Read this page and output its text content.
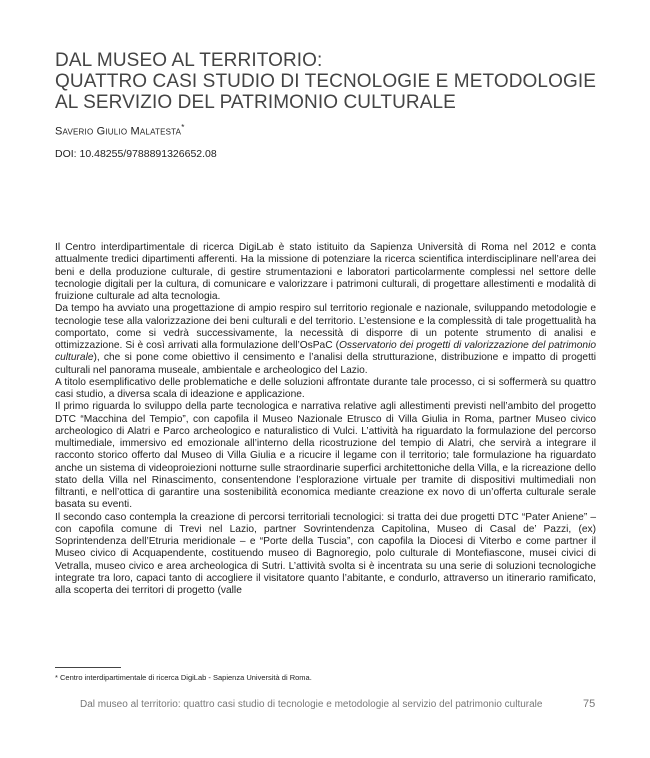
DAL MUSEO AL TERRITORIO:
QUATTRO CASI STUDIO DI TECNOLOGIE E METODOLOGIE
AL SERVIZIO DEL PATRIMONIO CULTURALE
Saverio Giulio Malatesta*
DOI: 10.48255/9788891326652.08

Il Centro interdipartimentale di ricerca DigiLab è stato istituito da Sapienza Università di Roma nel 2012 e conta attualmente tredici dipartimenti afferenti. Ha la missione di potenziare la ricerca scientifica interdisciplinare nell’area dei beni e della produzione culturale, di gestire strumentazioni e laboratori particolarmente complessi nel settore delle tecnologie digitali per la cultura, di comunicare e valorizzare i patrimoni culturali, di progettare allestimenti e modalità di fruizione culturale ad alta tecnologia.

Da tempo ha avviato una progettazione di ampio respiro sul territorio regionale e nazionale, sviluppando metodologie e tecnologie tese alla valorizzazione dei beni culturali e del territorio. L’estensione e la complessità di tale progettualità ha comportato, come si vedrà successivamente, la necessità di disporre di un potente strumento di analisi e ottimizzazione. Si è così arrivati alla formulazione dell’OsPaC (Osservatorio dei progetti di valorizzazione del patrimonio culturale), che si pone come obiettivo il censimento e l’analisi della strutturazione, distribuzione e impatto di progetti culturali nel panorama museale, ambientale e archeologico del Lazio.

A titolo esemplificativo delle problematiche e delle soluzioni affrontate durante tale processo, ci si soffermerà su quattro casi studio, a diversa scala di ideazione e applicazione.

Il primo riguarda lo sviluppo della parte tecnologica e narrativa relative agli allestimenti previsti nell’ambito del progetto DTC “Macchina del Tempio”, con capofila il Museo Nazionale Etrusco di Villa Giulia in Roma, partner Museo civico archeologico di Alatri e Parco archeologico e naturalistico di Vulci. L’attività ha riguardato la formulazione del percorso multimediale, immersivo ed emozionale all’interno della ricostruzione del tempio di Alatri, che servirà a integrare il racconto storico offerto dal Museo di Villa Giulia e a ricucire il legame con il territorio; tale formulazione ha riguardato anche un sistema di videoproiezioni notturne sulle straordinarie superfici architettoniche della Villa, e la ricreazione dello stato della Villa nel Rinascimento, consentendone l’esplorazione virtuale per tramite di dispositivi multimediali non filtranti, e nell’ottica di garantire una sostenibilità economica mediante creazione ex novo di un’offerta culturale serale basata su eventi.

Il secondo caso contempla la creazione di percorsi territoriali tecnologici: si tratta dei due progetti DTC “Pater Aniene” – con capofila comune di Trevi nel Lazio, partner Sovrintendenza Capitolina, Museo di Casal de’ Pazzi, (ex) Soprintendenza dell’Etruria meridionale – e “Porte della Tuscia”, con capofila la Diocesi di Viterbo e come partner il Museo civico di Acquapendente, costituendo museo di Bagnoregio, polo culturale di Montefiascone, musei civici di Vetralla, museo civico e area archeologica di Sutri. L’attività svolta si è incentrata su una serie di soluzioni tecnologiche integrate tra loro, capaci tanto di accogliere il visitatore quanto l’abitante, e condurlo, attraverso un itinerario ramificato, alla scoperta dei territori di progetto (valle

* Centro interdipartimentale di ricerca DigiLab - Sapienza Università di Roma.
Dal museo al territorio: quattro casi studio di tecnologie e metodologie al servizio del patrimonio culturale	75
